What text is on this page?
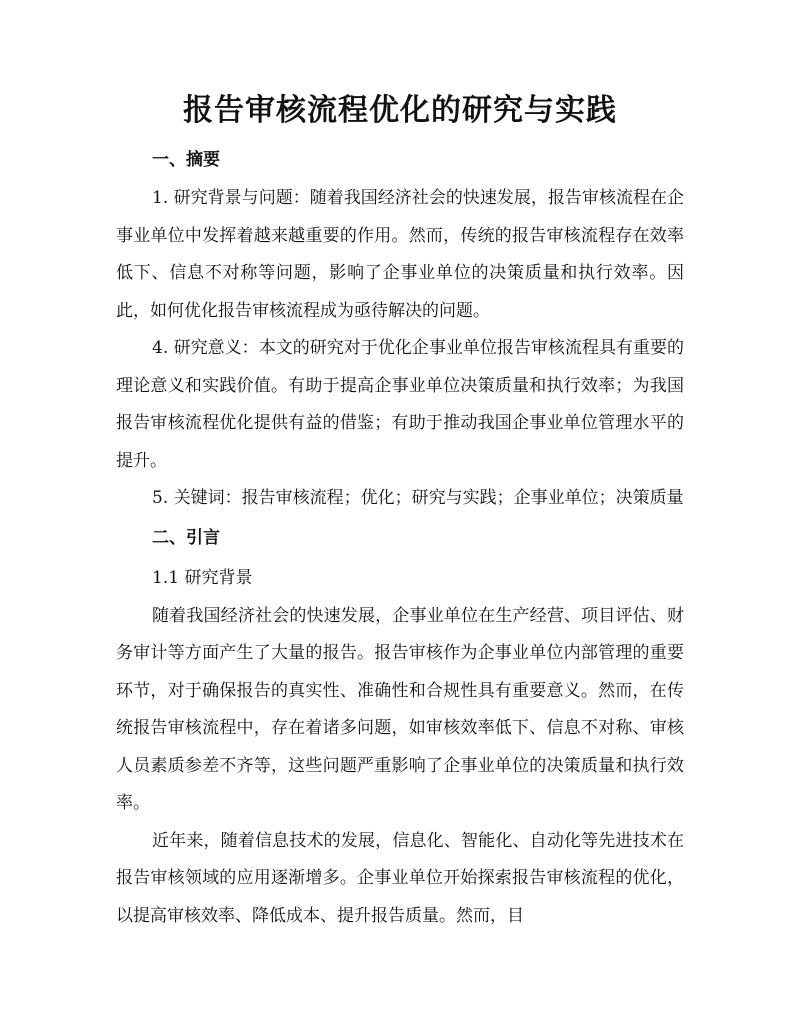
报告审核流程优化的研究与实践

一、摘要

1. 研究背景与问题：随着我国经济社会的快速发展，报告审核流程在企事业单位中发挥着越来越重要的作用。然而，传统的报告审核流程存在效率低下、信息不对称等问题，影响了企事业单位的决策质量和执行效率。因此，如何优化报告审核流程成为亟待解决的问题。

4. 研究意义：本文的研究对于优化企事业单位报告审核流程具有重要的理论意义和实践价值。有助于提高企事业单位决策质量和执行效率；为我国报告审核流程优化提供有益的借鉴；有助于推动我国企事业单位管理水平的提升。

5. 关键词：报告审核流程；优化；研究与实践；企事业单位；决策质量

二、引言

1.1 研究背景

随着我国经济社会的快速发展，企事业单位在生产经营、项目评估、财务审计等方面产生了大量的报告。报告审核作为企事业单位内部管理的重要环节，对于确保报告的真实性、准确性和合规性具有重要意义。然而，在传统报告审核流程中，存在着诸多问题，如审核效率低下、信息不对称、审核人员素质参差不齐等，这些问题严重影响了企事业单位的决策质量和执行效率。

近年来，随着信息技术的发展，信息化、智能化、自动化等先进技术在报告审核领域的应用逐渐增多。企事业单位开始探索报告审核流程的优化，以提高审核效率、降低成本、提升报告质量。然而，目
